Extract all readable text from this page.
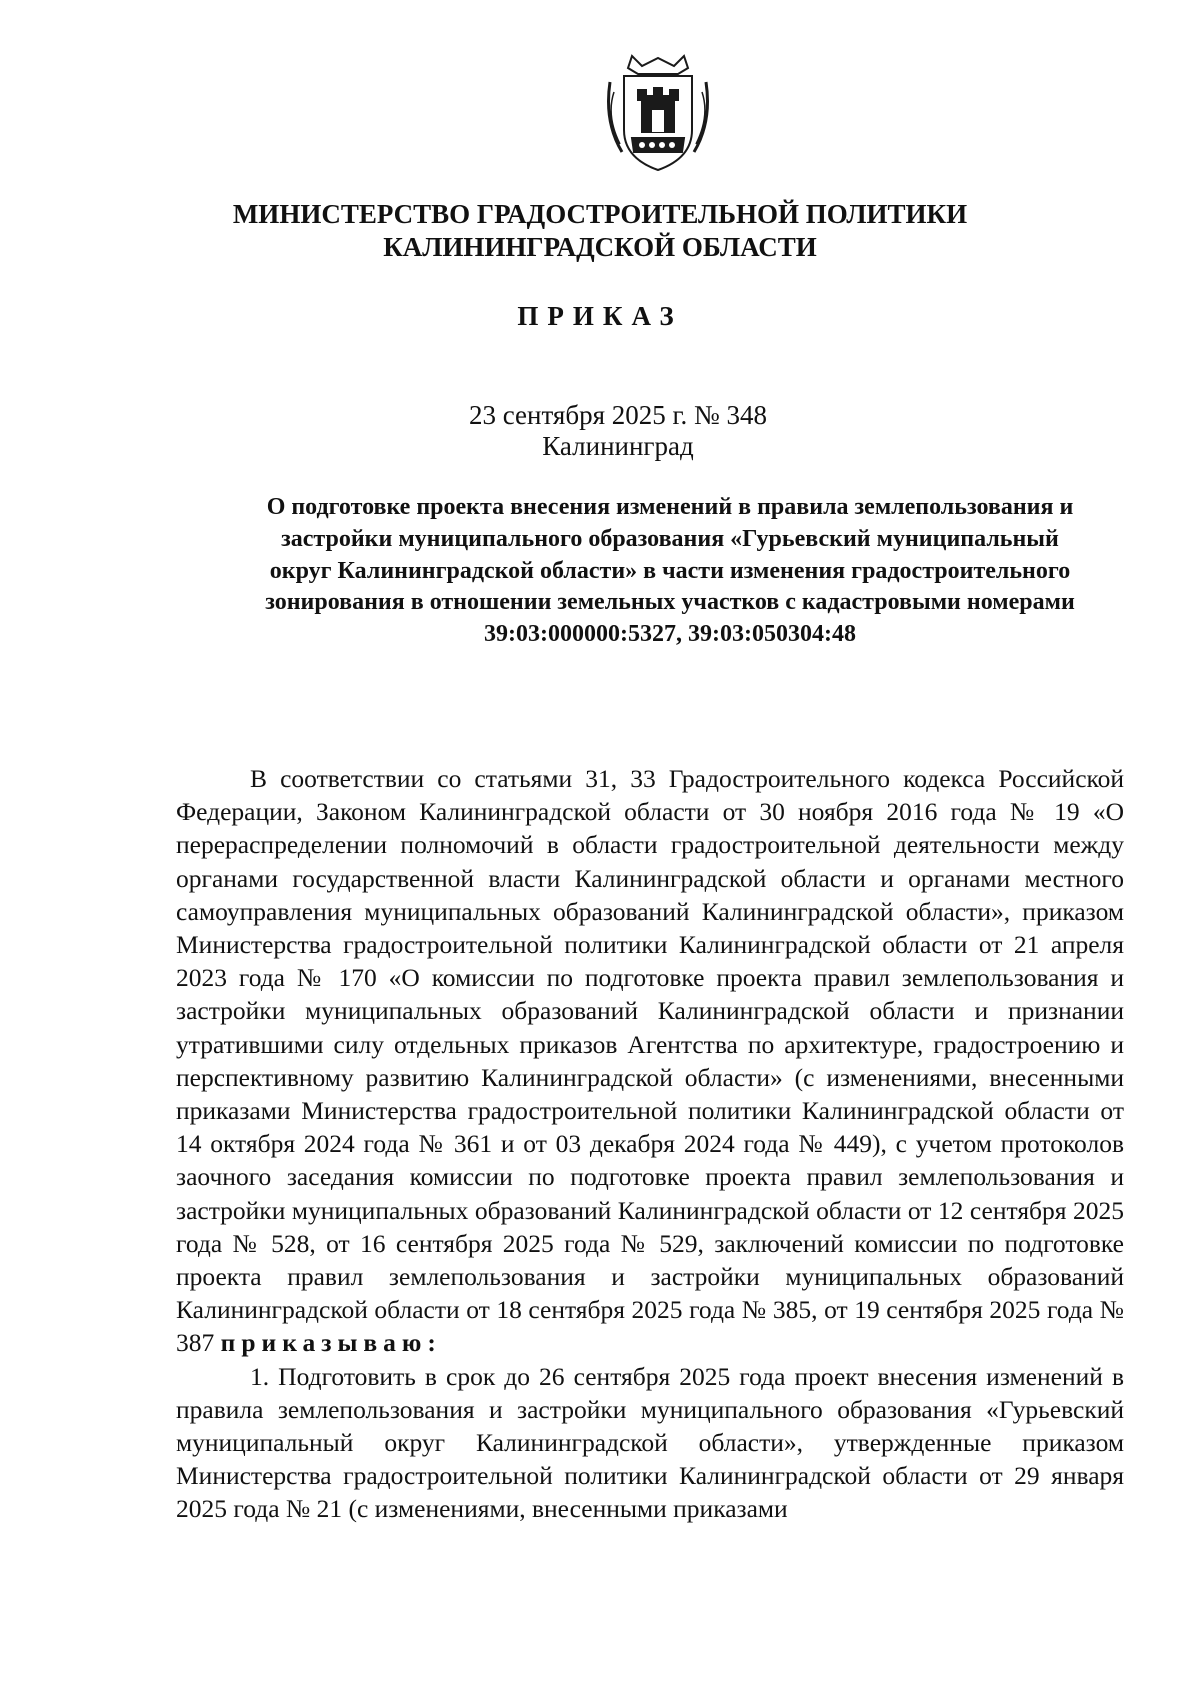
МИНИСТЕРСТВО ГРАДОСТРОИТЕЛЬНОЙ ПОЛИТИКИ
КАЛИНИНГРАДСКОЙ ОБЛАСТИ
ПРИКАЗ
23 сентября 2025 г. № 348
Калининград
О подготовке проекта внесения изменений в правила землепользования и застройки муниципального образования «Гурьевский муниципальный округ Калининградской области» в части изменения градостроительного зонирования в отношении земельных участков с кадастровыми номерами 39:03:000000:5327, 39:03:050304:48

В соответствии со статьями 31, 33 Градостроительного кодекса Российской Федерации, Законом Калининградской области от 30 ноября 2016 года № 19 «О перераспределении полномочий в области градостроительной деятельности между органами государственной власти Калининградской области и органами местного самоуправления муниципальных образований Калининградской области», приказом Министерства градостроительной политики Калининградской области от 21 апреля 2023 года № 170 «О комиссии по подготовке проекта правил землепользования и застройки муниципальных образований Калининградской области и признании утратившими силу отдельных приказов Агентства по архитектуре, градостроению и перспективному развитию Калининградской области» (с изменениями, внесенными приказами Министерства градостроительной политики Калининградской области от 14 октября 2024 года № 361 и от 03 декабря 2024 года № 449), с учетом протоколов заочного заседания комиссии по подготовке проекта правил землепользования и застройки муниципальных образований Калининградской области от 12 сентября 2025 года № 528, от 16 сентября 2025 года № 529, заключений комиссии по подготовке проекта правил землепользования и застройки муниципальных образований Калининградской области от 18 сентября 2025 года № 385, от 19 сентября 2025 года № 387 приказываю:

1. Подготовить в срок до 26 сентября 2025 года проект внесения изменений в правила землепользования и застройки муниципального образования «Гурьевский муниципальный округ Калининградской области», утвержденные приказом Министерства градостроительной политики Калининградской области от 29 января 2025 года № 21 (с изменениями, внесенными приказами
